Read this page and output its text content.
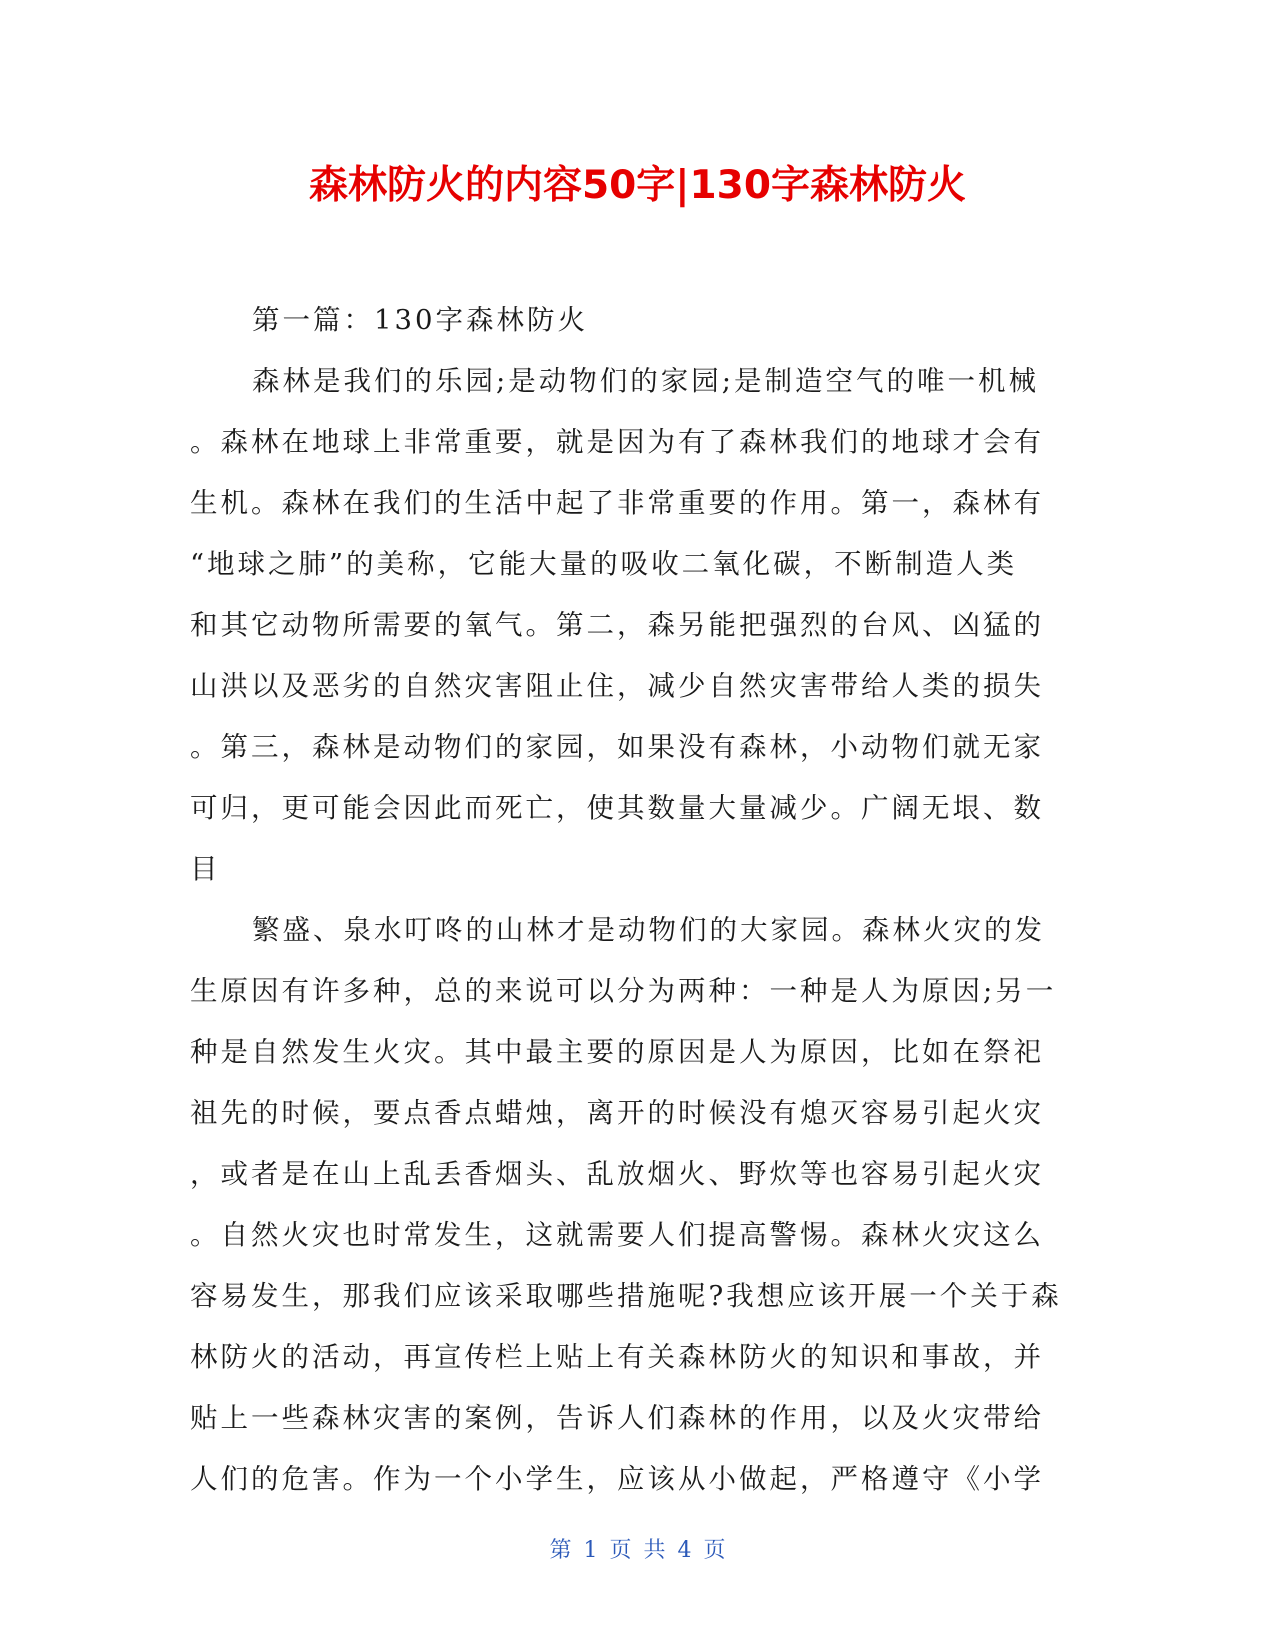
森林防火的内容50字|130字森林防火

第一篇：130字森林防火

森林是我们的乐园;是动物们的家园;是制造空气的唯一机械

。森林在地球上非常重要，就是因为有了森林我们的地球才会有

生机。森林在我们的生活中起了非常重要的作用。第一，森林有

“地球之肺”的美称，它能大量的吸收二氧化碳，不断制造人类

和其它动物所需要的氧气。第二，森另能把强烈的台风、凶猛的

山洪以及恶劣的自然灾害阻止住，减少自然灾害带给人类的损失

。第三，森林是动物们的家园，如果没有森林，小动物们就无家

可归，更可能会因此而死亡，使其数量大量减少。广阔无垠、数

目

繁盛、泉水叮咚的山林才是动物们的大家园。森林火灾的发

生原因有许多种，总的来说可以分为两种：一种是人为原因;另一

种是自然发生火灾。其中最主要的原因是人为原因，比如在祭祀

祖先的时候，要点香点蜡烛，离开的时候没有熄灭容易引起火灾

，或者是在山上乱丢香烟头、乱放烟火、野炊等也容易引起火灾

。自然火灾也时常发生，这就需要人们提高警惕。森林火灾这么

容易发生，那我们应该采取哪些措施呢?我想应该开展一个关于森

林防火的活动，再宣传栏上贴上有关森林防火的知识和事故，并

贴上一些森林灾害的案例，告诉人们森林的作用，以及火灾带给

人们的危害。作为一个小学生，应该从小做起，严格遵守《小学

第 1 页 共 4 页
